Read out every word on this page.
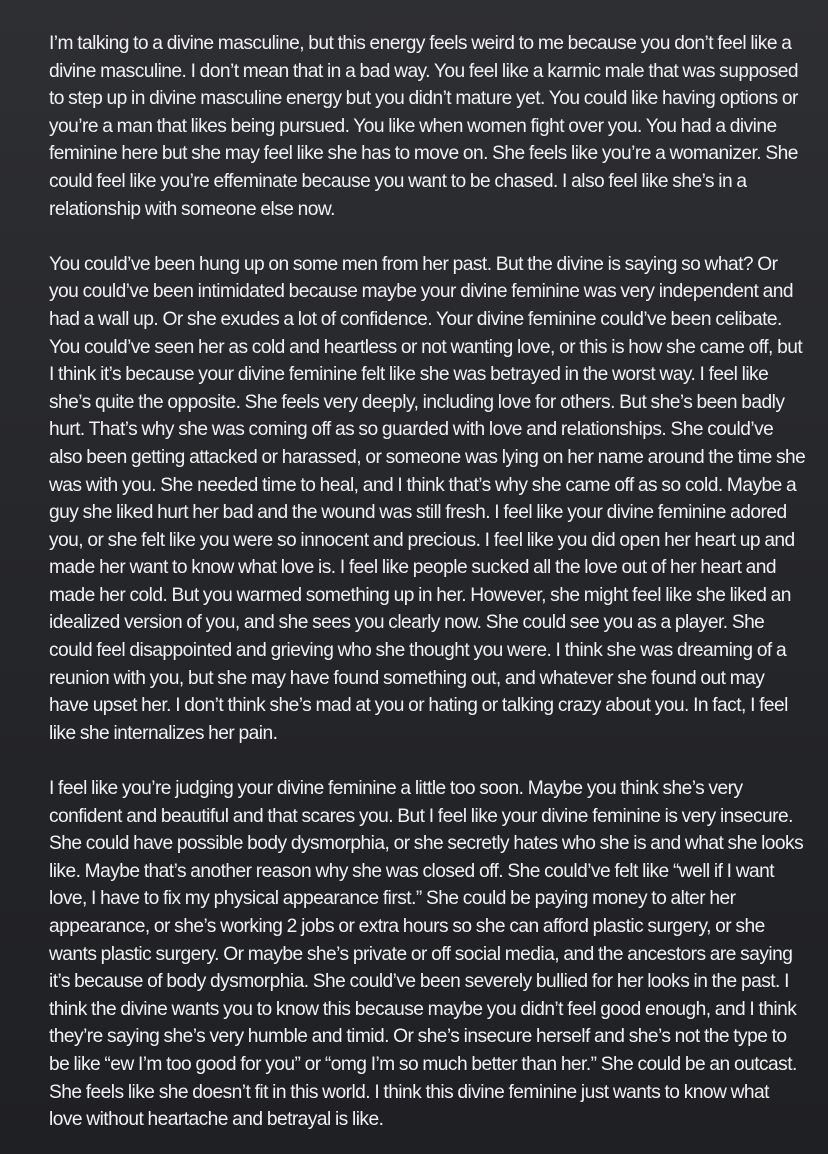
I’m talking to a divine masculine, but this energy feels weird to me because you don’t feel like a divine masculine. I don’t mean that in a bad way. You feel like a karmic male that was supposed to step up in divine masculine energy but you didn’t mature yet. You could like having options or you’re a man that likes being pursued. You like when women fight over you. You had a divine feminine here but she may feel like she has to move on. She feels like you’re a womanizer. She could feel like you’re effeminate because you want to be chased. I also feel like she’s in a relationship with someone else now.

You could’ve been hung up on some men from her past. But the divine is saying so what? Or you could’ve been intimidated because maybe your divine feminine was very independent and had a wall up. Or she exudes a lot of confidence. Your divine feminine could’ve been celibate. You could’ve seen her as cold and heartless or not wanting love, or this is how she came off, but I think it’s because your divine feminine felt like she was betrayed in the worst way. I feel like she’s quite the opposite. She feels very deeply, including love for others. But she’s been badly hurt. That’s why she was coming off as so guarded with love and relationships. She could’ve also been getting attacked or harassed, or someone was lying on her name around the time she was with you. She needed time to heal, and I think that’s why she came off as so cold. Maybe a guy she liked hurt her bad and the wound was still fresh. I feel like your divine feminine adored you, or she felt like you were so innocent and precious. I feel like you did open her heart up and made her want to know what love is. I feel like people sucked all the love out of her heart and made her cold. But you warmed something up in her. However, she might feel like she liked an idealized version of you, and she sees you clearly now. She could see you as a player. She could feel disappointed and grieving who she thought you were. I think she was dreaming of a reunion with you, but she may have found something out, and whatever she found out may have upset her. I don’t think she’s mad at you or hating or talking crazy about you. In fact, I feel like she internalizes her pain.

I feel like you’re judging your divine feminine a little too soon. Maybe you think she’s very confident and beautiful and that scares you. But I feel like your divine feminine is very insecure. She could have possible body dysmorphia, or she secretly hates who she is and what she looks like. Maybe that’s another reason why she was closed off. She could’ve felt like “well if I want love, I have to fix my physical appearance first.” She could be paying money to alter her appearance, or she’s working 2 jobs or extra hours so she can afford plastic surgery, or she wants plastic surgery. Or maybe she’s private or off social media, and the ancestors are saying it’s because of body dysmorphia. She could’ve been severely bullied for her looks in the past. I think the divine wants you to know this because maybe you didn’t feel good enough, and I think they’re saying she’s very humble and timid. Or she’s insecure herself and she’s not the type to be like “ew I’m too good for you” or “omg I’m so much better than her.” She could be an outcast. She feels like she doesn’t fit in this world. I think this divine feminine just wants to know what love without heartache and betrayal is like.
